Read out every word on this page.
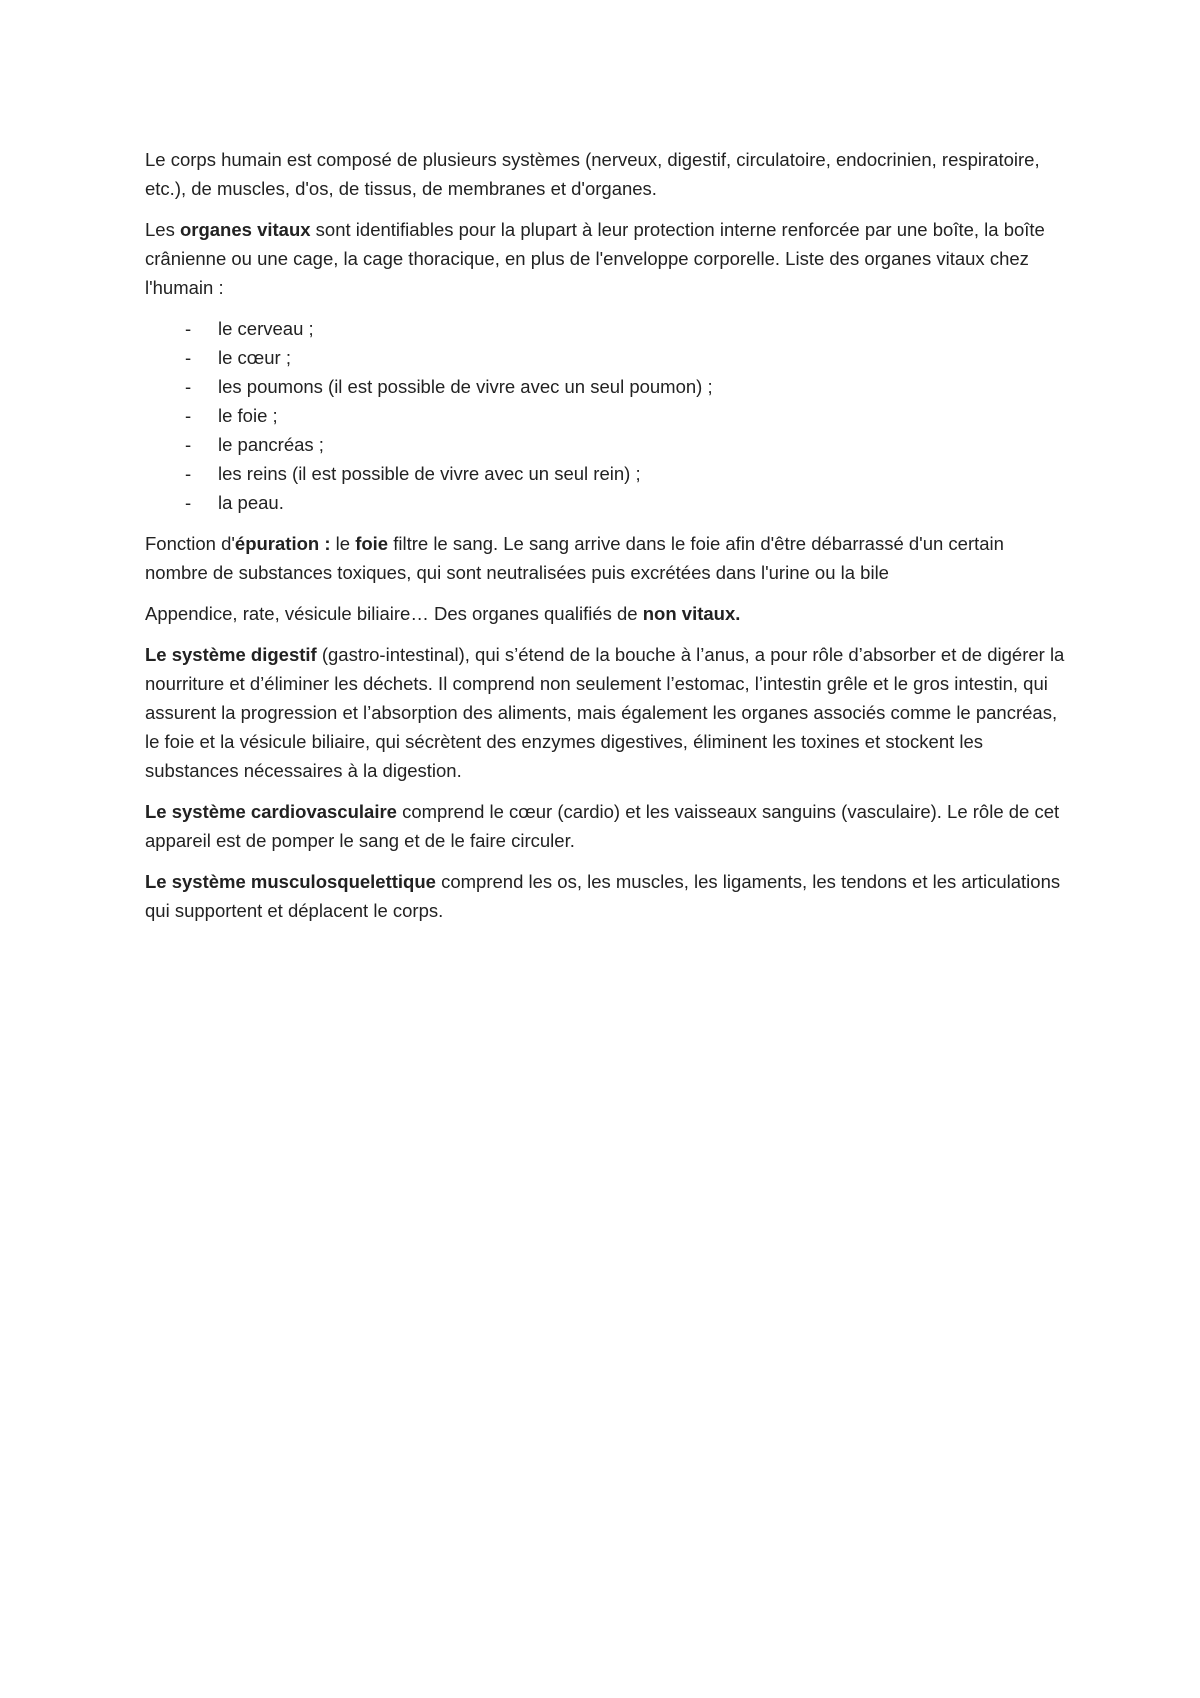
Le corps humain est composé de plusieurs systèmes (nerveux, digestif, circulatoire, endocrinien, respiratoire, etc.), de muscles, d'os, de tissus, de membranes et d'organes.

Les organes vitaux sont identifiables pour la plupart à leur protection interne renforcée par une boîte, la boîte crânienne ou une cage, la cage thoracique, en plus de l'enveloppe corporelle. Liste des organes vitaux chez l'humain :

- le cerveau ;
- le cœur ;
- les poumons (il est possible de vivre avec un seul poumon) ;
- le foie ;
- le pancréas ;
- les reins (il est possible de vivre avec un seul rein) ;
- la peau.

Fonction d'épuration : le foie filtre le sang. Le sang arrive dans le foie afin d'être débarrassé d'un certain nombre de substances toxiques, qui sont neutralisées puis excrétées dans l'urine ou la bile

Appendice, rate, vésicule biliaire… Des organes qualifiés de non vitaux.

Le système digestif (gastro-intestinal), qui s’étend de la bouche à l’anus, a pour rôle d’absorber et de digérer la nourriture et d’éliminer les déchets. Il comprend non seulement l’estomac, l’intestin grêle et le gros intestin, qui assurent la progression et l’absorption des aliments, mais également les organes associés comme le pancréas, le foie et la vésicule biliaire, qui sécrètent des enzymes digestives, éliminent les toxines et stockent les substances nécessaires à la digestion.

Le système cardiovasculaire comprend le cœur (cardio) et les vaisseaux sanguins (vasculaire). Le rôle de cet appareil est de pomper le sang et de le faire circuler.

Le système musculosquelettique comprend les os, les muscles, les ligaments, les tendons et les articulations qui supportent et déplacent le corps.
